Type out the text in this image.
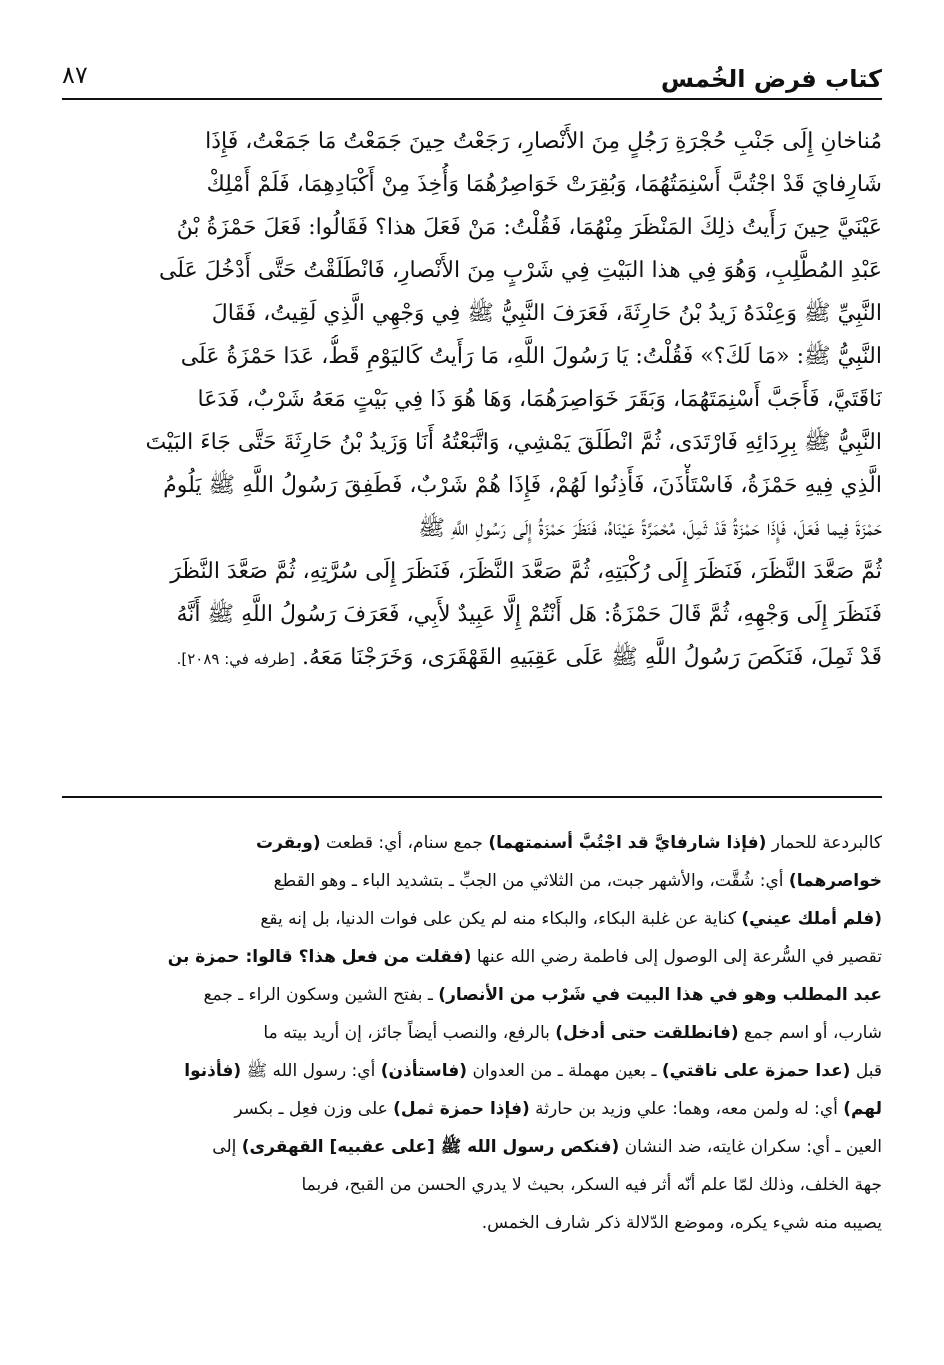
كتاب فرض الخُمس
٨٧
مُناخانِ إِلَى جَنْبِ حُجْرَةِ رَجُلٍ مِنَ الأَنْصارِ، رَجَعْتُ حِينَ جَمَعْتُ مَا جَمَعْتُ، فَإِذَا
شَارِفايَ قَدْ اجْتُبَّ أَسْنِمَتُهُمَا، وَبُقِرَتْ خَوَاصِرُهُمَا وَأُخِذَ مِنْ أَكْبَادِهِمَا، فَلَمْ أَمْلِكْ
عَيْنَيَّ حِينَ رَأَيتُ ذلِكَ المَنْظَرَ مِنْهُمَا، فَقُلْتُ: مَنْ فَعَلَ هذا؟ فَقَالُوا: فَعَلَ حَمْزَةُ بْنُ
عَبْدِ المُطَّلِبِ، وَهُوَ فِي هذا البَيْتِ فِي شَرْبٍ مِنَ الأَنْصارِ، فَانْطَلَقْتُ حَتَّى أَدْخُلَ عَلَى
النَّبِيِّ ﷺ وَعِنْدَهُ زَيدُ بْنُ حَارِثَةَ، فَعَرَفَ النَّبِيُّ ﷺ فِي وَجْهِي الَّذِي لَقِيتُ، فَقَالَ
النَّبِيُّ ﷺ: «مَا لَكَ؟» فَقُلْتُ: يَا رَسُولَ اللَّهِ، مَا رَأَيتُ كَاليَوْمِ قَطُّ، عَدَا حَمْزَةُ عَلَى
نَاقَتَيَّ، فَأَجَبَّ أَسْنِمَتَهُمَا، وَبَقَرَ خَوَاصِرَهُمَا، وَهَا هُوَ ذَا فِي بَيْتٍ مَعَهُ شَرْبٌ، فَدَعَا
النَّبِيُّ ﷺ بِرِدَائِهِ فَارْتَدَى، ثُمَّ انْطَلَقَ يَمْشِي، وَاتَّبَعْتُهُ أَنَا وَزَيدُ بْنُ حَارِثَةَ حَتَّى جَاءَ البَيْتَ
الَّذِي فِيهِ حَمْزَةُ، فَاسْتَأْذَنَ، فَأَذِنُوا لَهُمْ، فَإِذَا هُمْ شَرْبٌ، فَطَفِقَ رَسُولُ اللَّهِ ﷺ يَلُومُ
حَمْزَةَ فِيما فَعَلَ، فَإِذَا حَمْزَةُ قَدْ ثَمِلَ، مُحْمَرَّةً عَيْنَاهُ، فَنَظَرَ حَمْزَةُ إِلَى رَسُولِ اللَّهِ ﷺ
ثُمَّ صَعَّدَ النَّظَرَ، فَنَظَرَ إِلَى رُكْبَتِهِ، ثُمَّ صَعَّدَ النَّظَرَ، فَنَظَرَ إِلَى سُرَّتِهِ، ثُمَّ صَعَّدَ النَّظَرَ
فَنَظَرَ إِلَى وَجْهِهِ، ثُمَّ قَالَ حَمْزَةُ: هَل أَنْتُمْ إِلَّا عَبِيدٌ لأَبِي، فَعَرَفَ رَسُولُ اللَّهِ ﷺ أَنَّهُ
قَدْ ثَمِلَ، فَنَكَصَ رَسُولُ اللَّهِ ﷺ عَلَى عَقِبَيهِ القَهْقَرَى، وَخَرَجْنَا مَعَهُ. [طرفه في: ٢٠٨٩].
كالبردعة للحمار (فإذا شارفايَّ قد اجْتُبَّ أسنمتهما) جمع سنام، أي: قطعت (وبقرت
خواصرهما) أي: شُقَّت، والأشهر جبت، من الثلاثي من الجبِّ ـ بتشديد الباء ـ وهو القطع
(فلم أملك عيني) كناية عن غلبة البكاء، والبكاء منه لم يكن على فوات الدنيا، بل إنه يقع
تقصير في السُّرعة إلى الوصول إلى فاطمة رضي الله عنها (فقلت من فعل هذا؟ قالوا: حمزة بن
عبد المطلب وهو في هذا البيت في شَرْب من الأنصار) ـ بفتح الشين وسكون الراء ـ جمع
شارب، أو اسم جمع (فانطلقت حتى أدخل) بالرفع، والنصب أيضاً جائز، إن أريد بيته ما
قبل (عدا حمزة على ناقتي) ـ بعين مهملة ـ من العدوان (فاستأذن) أي: رسول الله ﷺ (فأذنوا
لهم) أي: له ولمن معه، وهما: علي وزيد بن حارثة (فإذا حمزة ثمل) على وزن فعِل ـ بكسر
العين ـ أي: سكران غايته، ضد النشان (فنكص رسول الله ﷺ [على عقبيه] القهقرى) إلى
جهة الخلف، وذلك لمّا علم أنّه أثر فيه السكر، بحيث لا يدري الحسن من القبح، فربما
يصيبه منه شيء يكره، وموضع الدّلالة ذكر شارف الخمس.
